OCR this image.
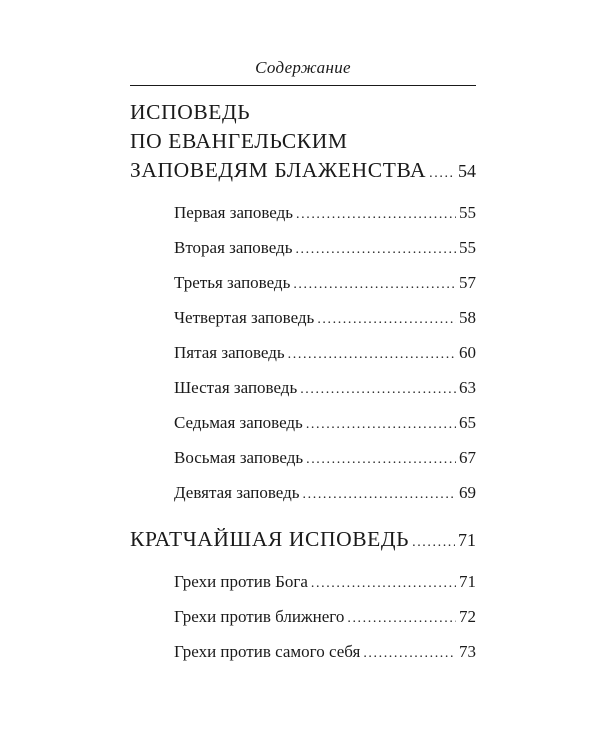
Содержание
ИСПОВЕДЬ
ПО ЕВАНГЕЛЬСКИМ
ЗАПОВЕДЯМ БЛАЖЕНСТВА ..... 54
Первая заповедь .....	55
Вторая заповедь .....	55
Третья заповедь .....	57
Четвертая заповедь .....	58
Пятая заповедь .....	60
Шестая заповедь .....	63
Седьмая заповедь .....	65
Восьмая заповедь .....	67
Девятая заповедь .....	69
КРАТЧАЙШАЯ ИСПОВЕДЬ .....	71
Грехи против Бога .....	71
Грехи против ближнего .....	72
Грехи против самого себя .....	73
